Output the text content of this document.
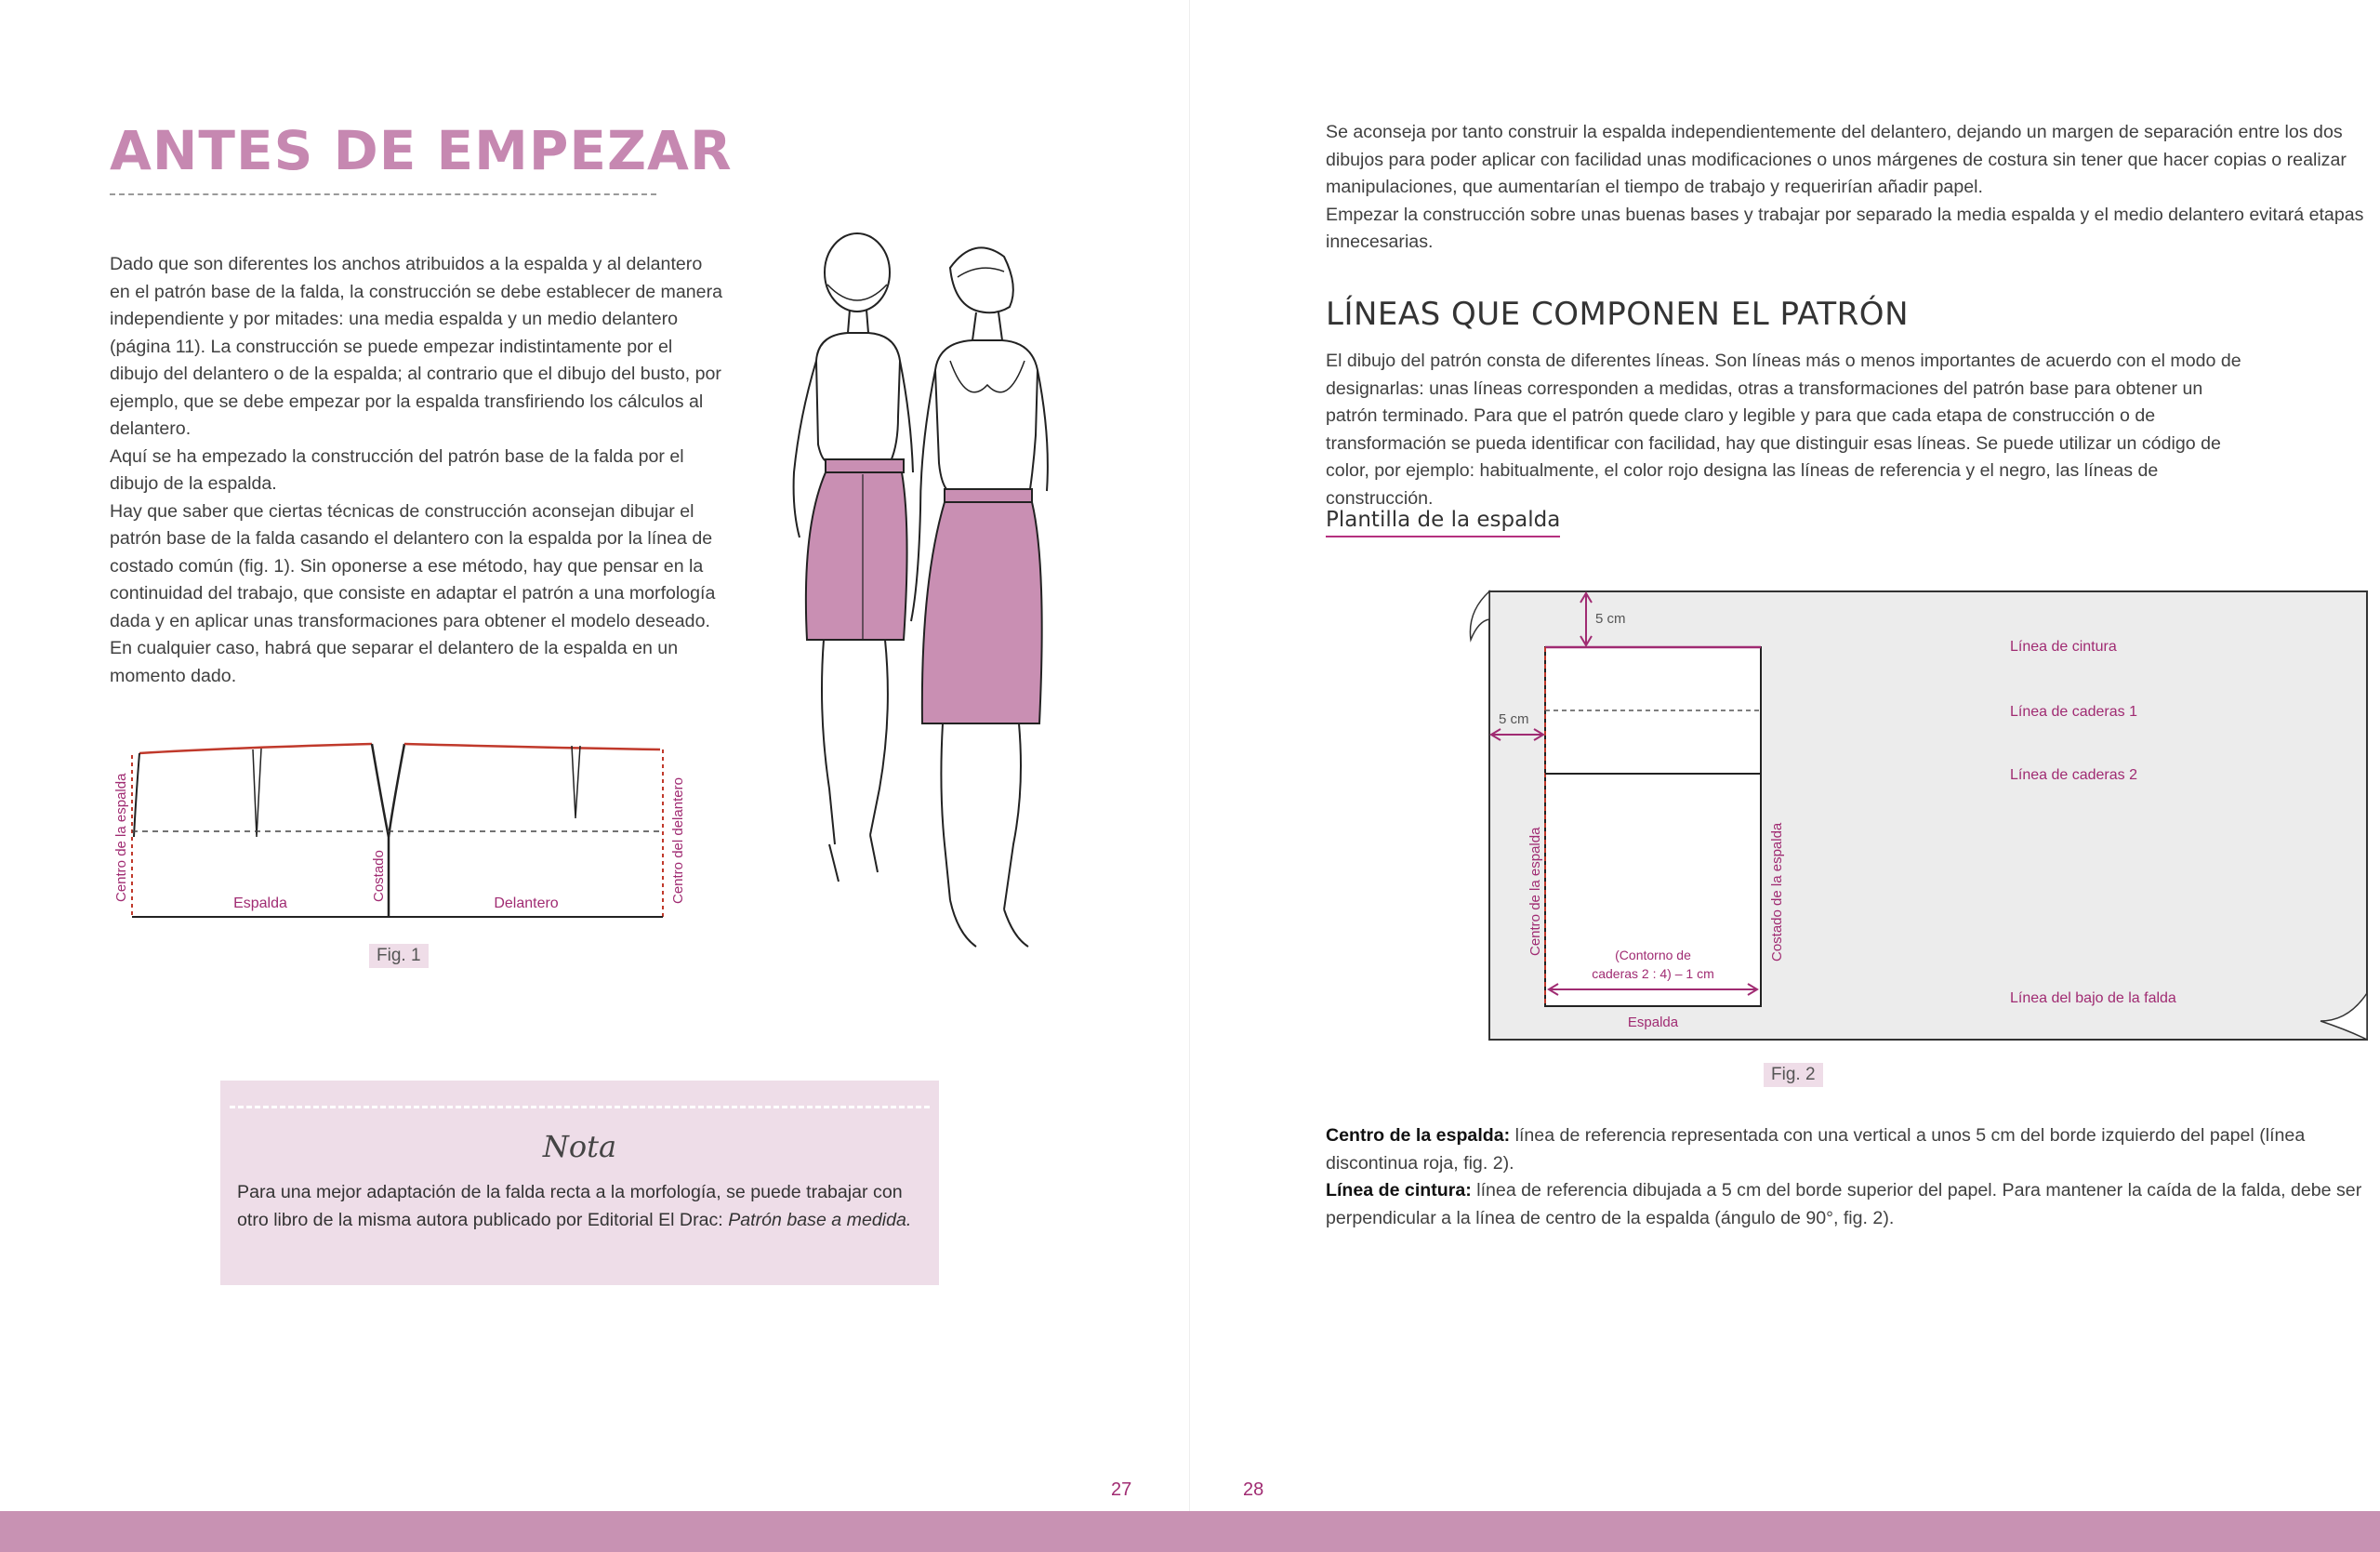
ANTES DE EMPEZAR

Dado que son diferentes los anchos atribuidos a la espalda y al delantero en el patrón base de la falda, la construcción se debe establecer de manera independiente y por mitades: una media espalda y un medio delantero (página 11). La construcción se puede empezar indistintamente por el dibujo del delantero o de la espalda; al contrario que el dibujo del busto, por ejemplo, que se debe empezar por la espalda transfiriendo los cálculos al delantero.

Aquí se ha empezado la construcción del patrón base de la falda por el dibujo de la espalda.

Hay que saber que ciertas técnicas de construcción aconsejan dibujar el patrón base de la falda casando el delantero con la espalda por la línea de costado común (fig. 1). Sin oponerse a ese método, hay que pensar en la continuidad del trabajo, que consiste en adaptar el patrón a una morfología dada y en aplicar unas transformaciones para obtener el modelo deseado. En cualquier caso, habrá que separar el delantero de la espalda en un momento dado.

Centro de la espalda
Espalda
Costado
Delantero	Centro del delantero
Fig. 1
Nota
Para una mejor adaptación de la falda recta a la morfología, se puede trabajar con otro libro de la misma autora publicado por Editorial El Drac: Patrón base a medida.
27

Se aconseja por tanto construir la espalda independientemente del delantero, dejando un margen de separación entre los dos dibujos para poder aplicar con facilidad unas modificaciones o unos márgenes de costura sin tener que hacer copias o realizar manipulaciones, que aumentarían el tiempo de trabajo y requerirían añadir papel.

Empezar la construcción sobre unas buenas bases y trabajar por separado la media espalda y el medio delantero evitará etapas innecesarias.

LÍNEAS QUE COMPONEN EL PATRÓN

El dibujo del patrón consta de diferentes líneas. Son líneas más o menos importantes de acuerdo con el modo de designarlas: unas líneas corresponden a medidas, otras a transformaciones del patrón base para obtener un patrón terminado. Para que el patrón quede claro y legible y para que cada etapa de construcción o de transformación se pueda identificar con facilidad, hay que distinguir esas líneas. Se puede utilizar un código de color, por ejemplo: habitualmente, el color rojo designa las líneas de referencia y el negro, las líneas de construcción.

Plantilla de la espalda
5 cm
5 cm
Línea de cintura
Línea de caderas 1
Línea de caderas 2
Línea del bajo de la falda
Centro de la espalda	Costado de la espalda
(Contorno de
caderas 2 : 4) – 1 cm
Espalda
Fig. 2

Centro de la espalda: línea de referencia representada con una vertical a unos 5 cm del borde izquierdo del papel (línea discontinua roja, fig. 2).

Línea de cintura: línea de referencia dibujada a 5 cm del borde superior del papel. Para mantener la caída de la falda, debe ser perpendicular a la línea de centro de la espalda (ángulo de 90°, fig. 2).

28
